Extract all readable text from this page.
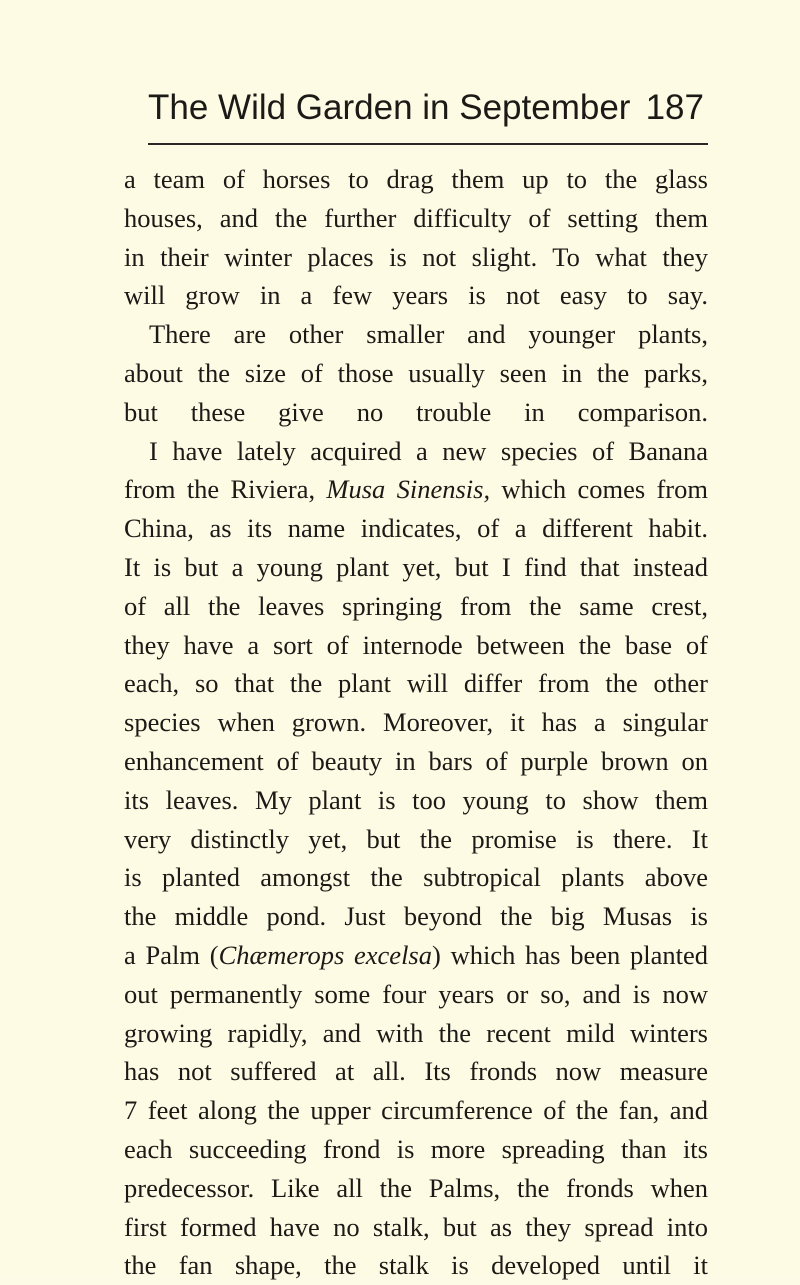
The Wild Garden in September 187
a team of horses to drag them up to the glass
houses, and the further difficulty of setting them
in their winter places is not slight. To what they
will grow in a few years is not easy to say.
There are other smaller and younger plants,
about the size of those usually seen in the parks,
but these give no trouble in comparison.
I have lately acquired a new species of Banana
from the Riviera, Musa Sinensis, which comes from
China, as its name indicates, of a different habit.
It is but a young plant yet, but I find that instead
of all the leaves springing from the same crest,
they have a sort of internode between the base of
each, so that the plant will differ from the other
species when grown. Moreover, it has a singular
enhancement of beauty in bars of purple brown on
its leaves. My plant is too young to show them
very distinctly yet, but the promise is there. It
is planted amongst the subtropical plants above
the middle pond. Just beyond the big Musas is
a Palm (Chæmerops excelsa) which has been planted
out permanently some four years or so, and is now
growing rapidly, and with the recent mild winters
has not suffered at all. Its fronds now measure
7 feet along the upper circumference of the fan, and
each succeeding frond is more spreading than its
predecessor. Like all the Palms, the fronds when
first formed have no stalk, but as they spread into
the fan shape, the stalk is developed until it
